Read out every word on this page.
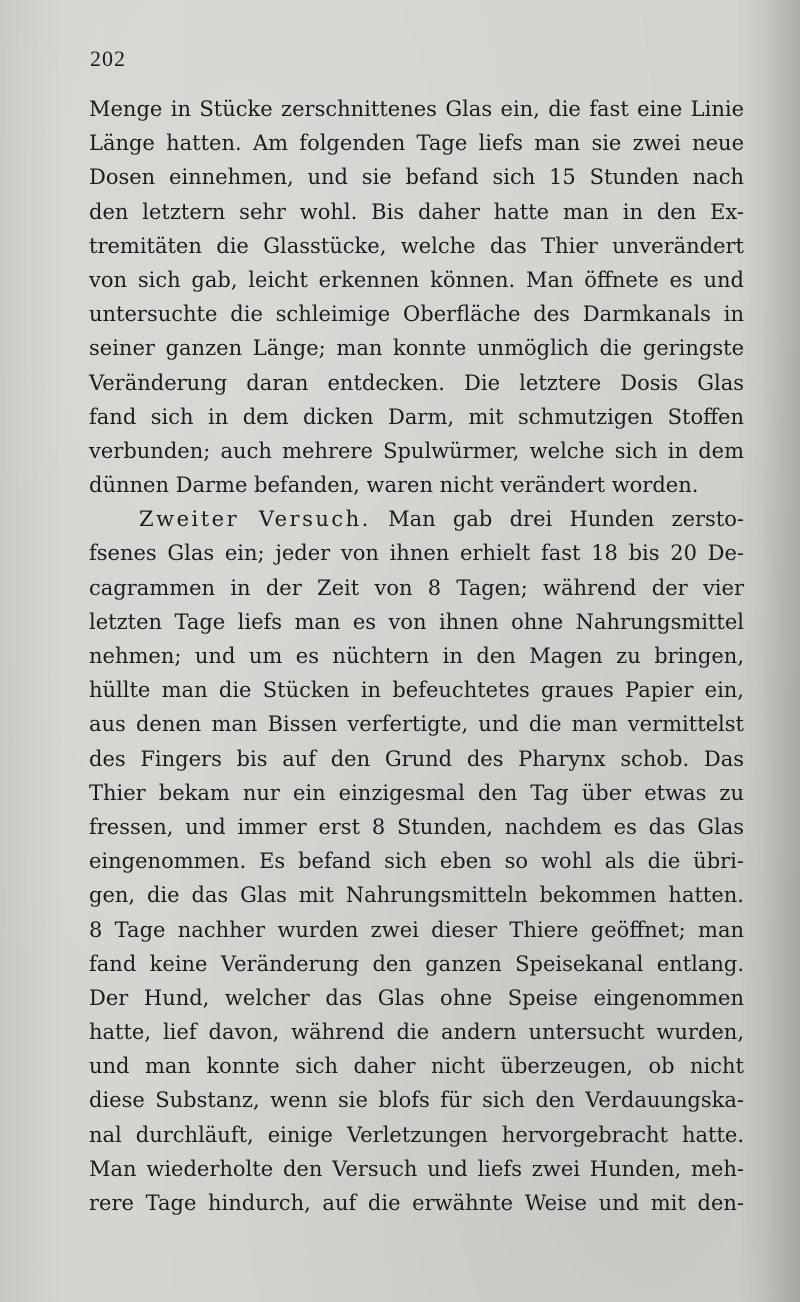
202
Menge in Stücke zerschnittenes Glas ein, die fast eine Linie
Länge hatten. Am folgenden Tage liefs man sie zwei neue
Dosen einnehmen, und sie befand sich 15 Stunden nach
den letztern sehr wohl. Bis daher hatte man in den Ex-
tremitäten die Glasstücke, welche das Thier unverändert
von sich gab, leicht erkennen können. Man öffnete es und
untersuchte die schleimige Oberfläche des Darmkanals in
seiner ganzen Länge; man konnte unmöglich die geringste
Veränderung daran entdecken. Die letztere Dosis Glas
fand sich in dem dicken Darm, mit schmutzigen Stoffen
verbunden; auch mehrere Spulwürmer, welche sich in dem
dünnen Darme befanden, waren nicht verändert worden.
Zweiter Versuch. Man gab drei Hunden zersto-
fsenes Glas ein; jeder von ihnen erhielt fast 18 bis 20 De-
cagrammen in der Zeit von 8 Tagen; während der vier
letzten Tage liefs man es von ihnen ohne Nahrungsmittel
nehmen; und um es nüchtern in den Magen zu bringen,
hüllte man die Stücken in befeuchtetes graues Papier ein,
aus denen man Bissen verfertigte, und die man vermittelst
des Fingers bis auf den Grund des Pharynx schob. Das
Thier bekam nur ein einzigesmal den Tag über etwas zu
fressen, und immer erst 8 Stunden, nachdem es das Glas
eingenommen. Es befand sich eben so wohl als die übri-
gen, die das Glas mit Nahrungsmitteln bekommen hatten.
8 Tage nachher wurden zwei dieser Thiere geöffnet; man
fand keine Veränderung den ganzen Speisekanal entlang.
Der Hund, welcher das Glas ohne Speise eingenommen
hatte, lief davon, während die andern untersucht wurden,
und man konnte sich daher nicht überzeugen, ob nicht
diese Substanz, wenn sie blofs für sich den Verdauungska-
nal durchläuft, einige Verletzungen hervorgebracht hatte.
Man wiederholte den Versuch und liefs zwei Hunden, meh-
rere Tage hindurch, auf die erwähnte Weise und mit den-
